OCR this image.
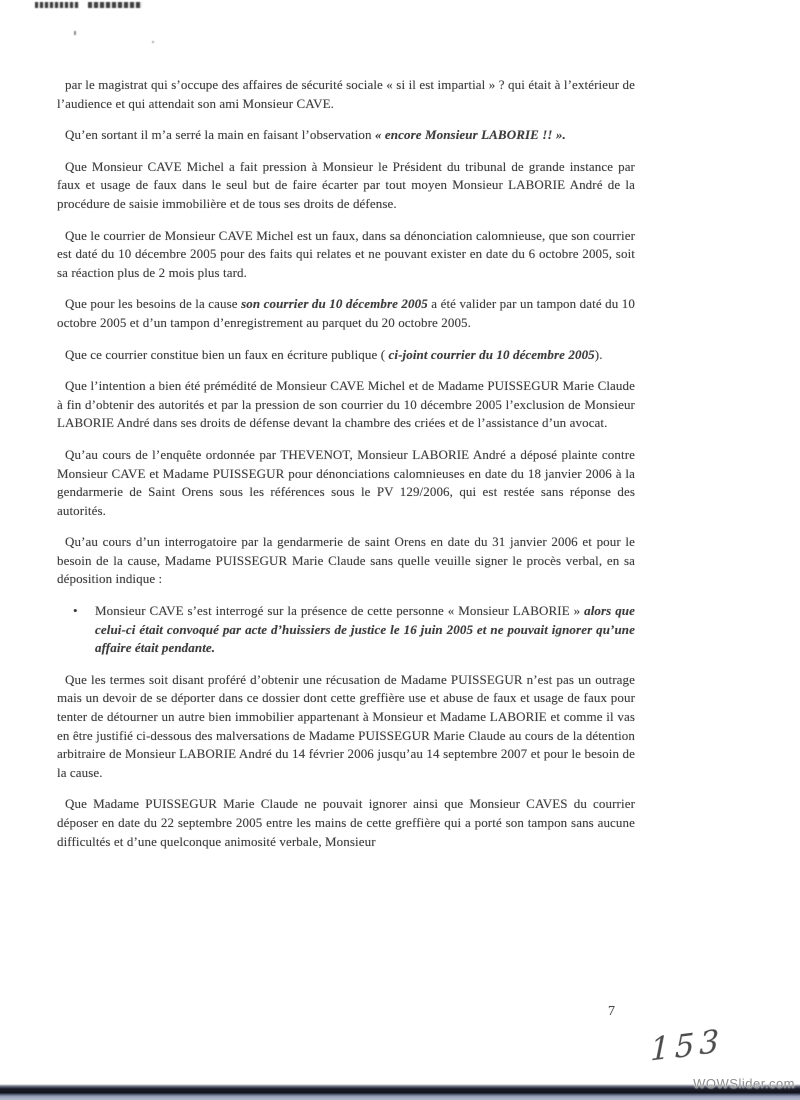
par le magistrat qui s’occupe des affaires de sécurité sociale « si il est impartial » ? qui était à l’extérieur de l’audience et qui attendait son ami Monsieur CAVE.

Qu’en sortant il m’a serré la main en faisant l’observation « encore Monsieur LABORIE !! ».

Que Monsieur CAVE Michel a fait pression à Monsieur le Président du tribunal de grande instance par faux et usage de faux dans le seul but de faire écarter par tout moyen Monsieur LABORIE André de la procédure de saisie immobilière et de tous ses droits de défense.

Que le courrier de Monsieur CAVE Michel est un faux, dans sa dénonciation calomnieuse, que son courrier est daté du 10 décembre 2005 pour des faits qui relates et ne pouvant exister en date du 6 octobre 2005, soit sa réaction plus de 2 mois plus tard.

Que pour les besoins de la cause son courrier du 10 décembre 2005 a été valider par un tampon daté du 10 octobre 2005 et d’un tampon d’enregistrement au parquet du 20 octobre 2005.

Que ce courrier constitue bien un faux en écriture publique ( ci-joint courrier du 10 décembre 2005).

Que l’intention a bien été prémédité de Monsieur CAVE Michel et de Madame PUISSEGUR Marie Claude à fin d’obtenir des autorités et par la pression de son courrier du 10 décembre 2005 l’exclusion de Monsieur LABORIE André dans ses droits de défense devant la chambre des criées et de l’assistance d’un avocat.

Qu’au cours de l’enquête ordonnée par THEVENOT, Monsieur LABORIE André a déposé plainte contre Monsieur CAVE et Madame PUISSEGUR pour dénonciations calomnieuses en date du 18 janvier 2006 à la gendarmerie de Saint Orens sous les références sous le PV 129/2006, qui est restée sans réponse des autorités.

Qu’au cours d’un interrogatoire par la gendarmerie de saint Orens en date du 31 janvier 2006 et pour le besoin de la cause, Madame PUISSEGUR Marie Claude sans quelle veuille signer le procès verbal, en sa déposition indique :

•	Monsieur CAVE s’est interrogé sur la présence de cette personne « Monsieur LABORIE » alors que celui-ci était convoqué par acte d’huissiers de justice le 16 juin 2005 et ne pouvait ignorer qu’une affaire était pendante.

Que les termes soit disant proféré d’obtenir une récusation de Madame PUISSEGUR n’est pas un outrage mais un devoir de se déporter dans ce dossier dont cette greffière use et abuse de faux et usage de faux pour tenter de détourner un autre bien immobilier appartenant à Monsieur et Madame LABORIE et comme il vas en être justifié ci-dessous des malversations de Madame PUISSEGUR Marie Claude au cours de la détention arbitraire de Monsieur LABORIE André du 14 février 2006 jusqu’au 14 septembre 2007 et pour le besoin de la cause.

Que Madame PUISSEGUR Marie Claude ne pouvait ignorer ainsi que Monsieur CAVES du courrier déposer en date du 22 septembre 2005 entre les mains de cette greffière qui a porté son tampon sans aucune difficultés et d’une quelconque animosité verbale, Monsieur

7
153
WOWSlider.com
